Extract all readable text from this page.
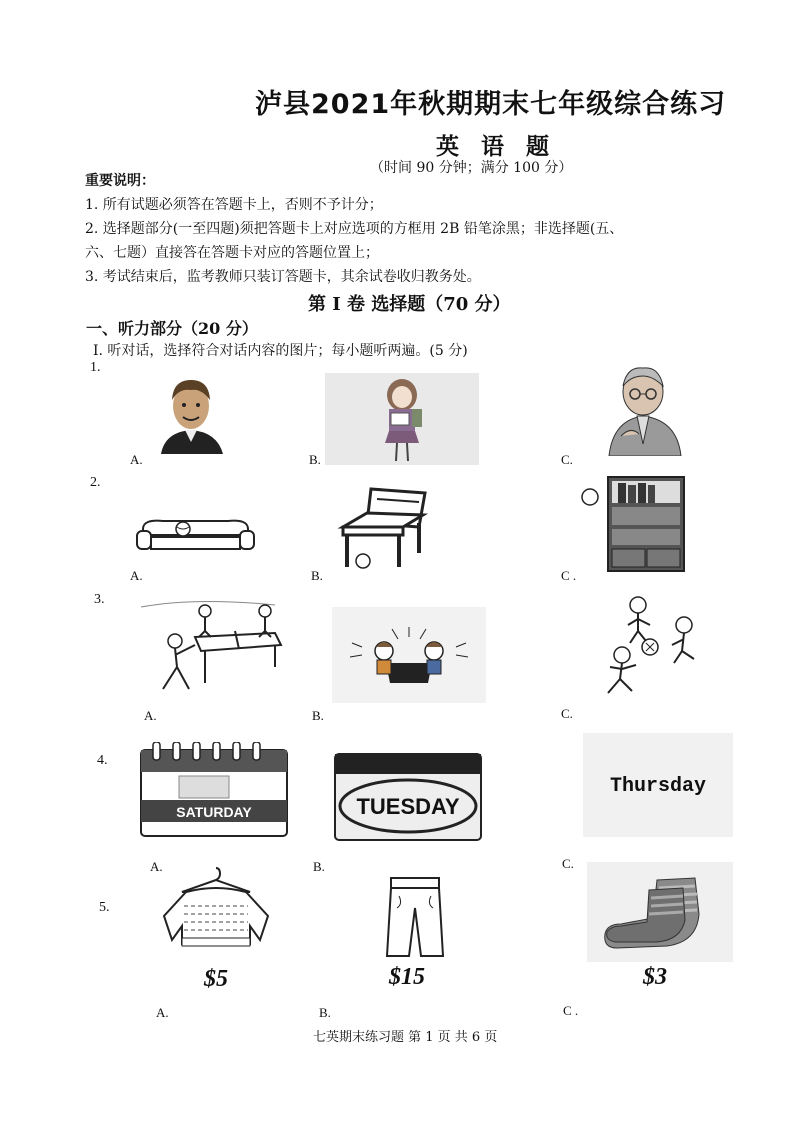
泸县2021年秋期期末七年级综合练习
英 语 题
（时间 90 分钟；满分 100 分）
重要说明：
1. 所有试题必须答在答题卡上，否则不予计分；
2. 选择题部分(一至四题)须把答题卡上对应选项的方框用 2B 铅笔涂黑；非选择题(五、
六、七题）直接答在答题卡对应的答题位置上；
3. 考试结束后，监考教师只装订答题卡，其余试卷收归教务处。
第 I 卷 选择题（70 分）
一、听力部分（20 分）
Ⅰ. 听对话，选择符合对话内容的图片；每小题听两遍。(5 分)
1.
2.
3.
4.
5.
A.	B.	C.
A.	B.	C .
A.	B.	C.
SATURDAY	TUESDAY
Thursday
A.	B.	C.
$5	$15	$3
A.	B.	C .
七英期末练习题 第 1 页 共 6 页
